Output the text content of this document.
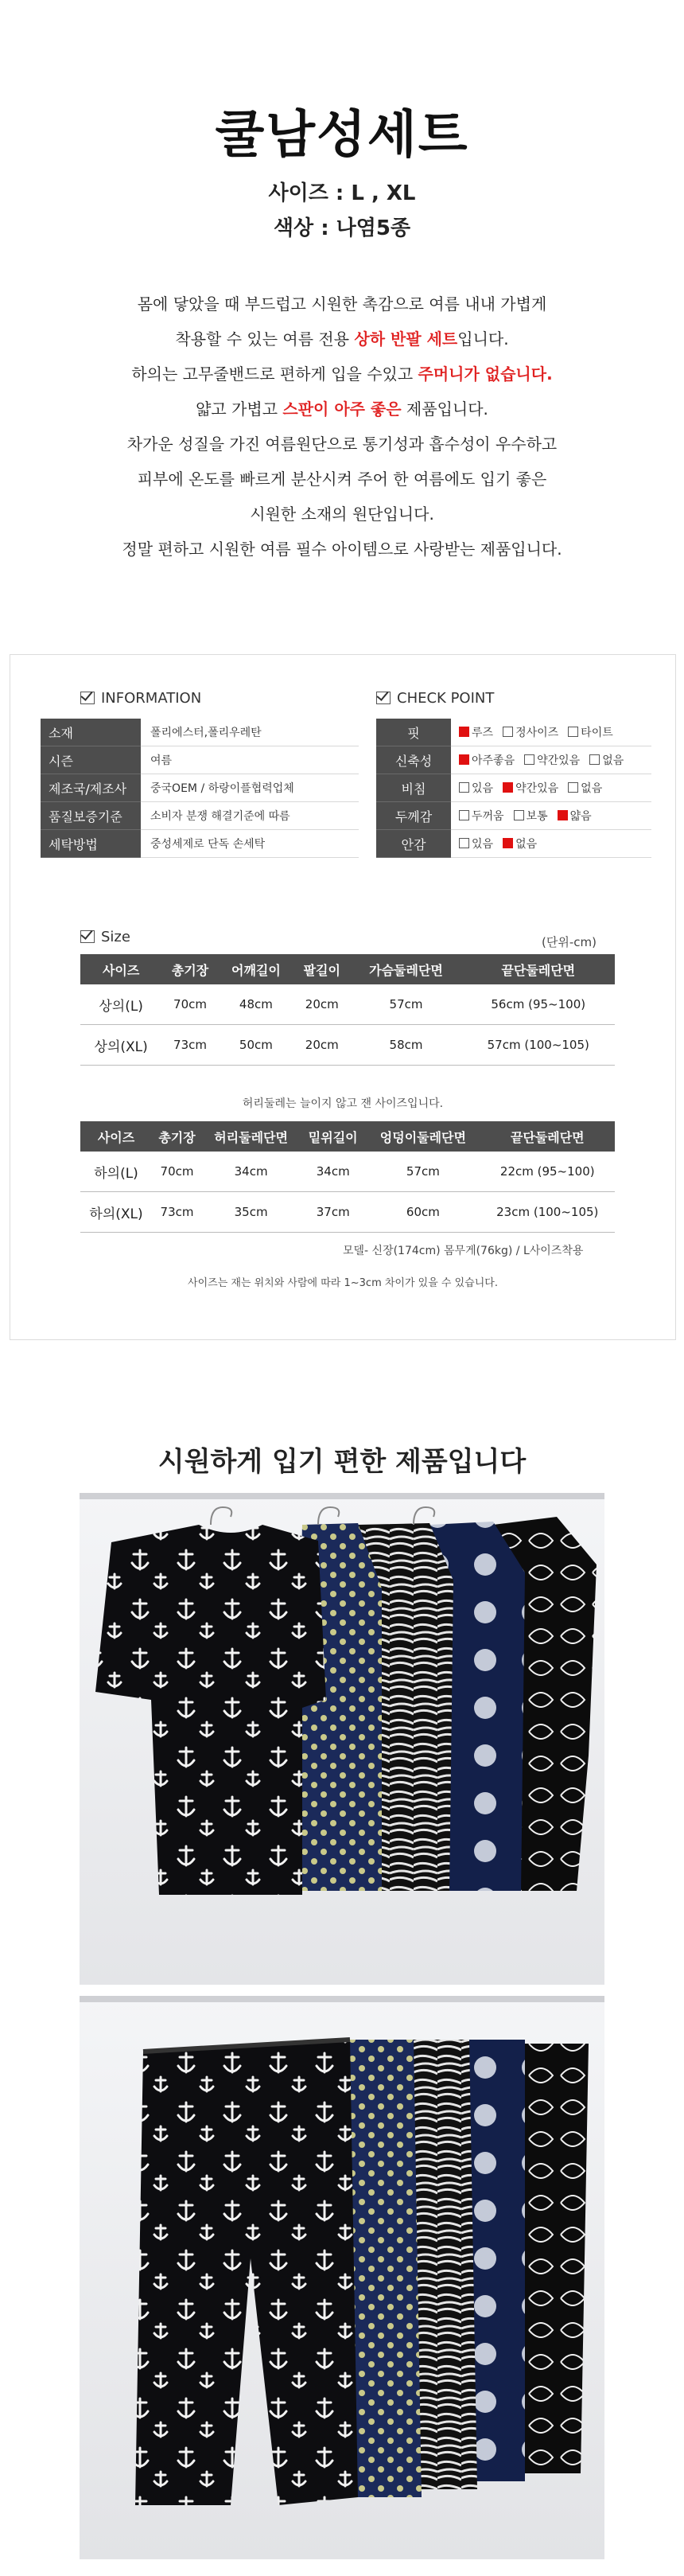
쿨남성세트
사이즈 : L , XL
색상 : 나염5종
몸에 닿았을 때 부드럽고 시원한 촉감으로 여름 내내 가볍게
착용할 수 있는 여름 전용 상하 반팔 세트입니다.
하의는 고무줄밴드로 편하게 입을 수있고 주머니가 없습니다.
얇고 가볍고 스판이 아주 좋은 제품입니다.
차가운 성질을 가진 여름원단으로 통기성과 흡수성이 우수하고
피부에 온도를 빠르게 분산시켜 주어 한 여름에도 입기 좋은
시원한 소재의 원단입니다.
정말 편하고 시원한 여름 필수 아이템으로 사랑받는 제품입니다.
INFORMATION
소재	폴리에스터,폴리우레탄
시즌	여름
제조국/제조사	중국OEM / 하랑이플협력업체
품질보증기준	소비자 분쟁 해결기준에 따름
세탁방법	중성세제로 단독 손세탁
CHECK POINT
핏	루즈 정사이즈 타이트
신축성	아주좋음 약간있음 없음
비침	있음 약간있음 없음
두께감	두꺼움 보통 얇음
안감	있음 없음
Size	(단위-cm)
사이즈	총기장	어깨길이	팔길이	가슴둘레단면	끝단둘레단면
상의(L)	70cm	48cm	20cm	57cm	56cm (95~100)
상의(XL)	73cm	50cm	20cm	58cm	57cm (100~105)
허리둘레는 늘이지 않고 잰 사이즈입니다.
사이즈	총기장	허리둘레단면	밑위길이	엉덩이둘레단면	끝단둘레단면
하의(L)	70cm	34cm	34cm	57cm	22cm (95~100)
하의(XL)	73cm	35cm	37cm	60cm	23cm (100~105)
모델- 신장(174cm) 몸무게(76kg) / L사이즈착용
사이즈는 재는 위치와 사람에 따라 1~3cm 차이가 있을 수 있습니다.
시원하게 입기 편한 제품입니다
